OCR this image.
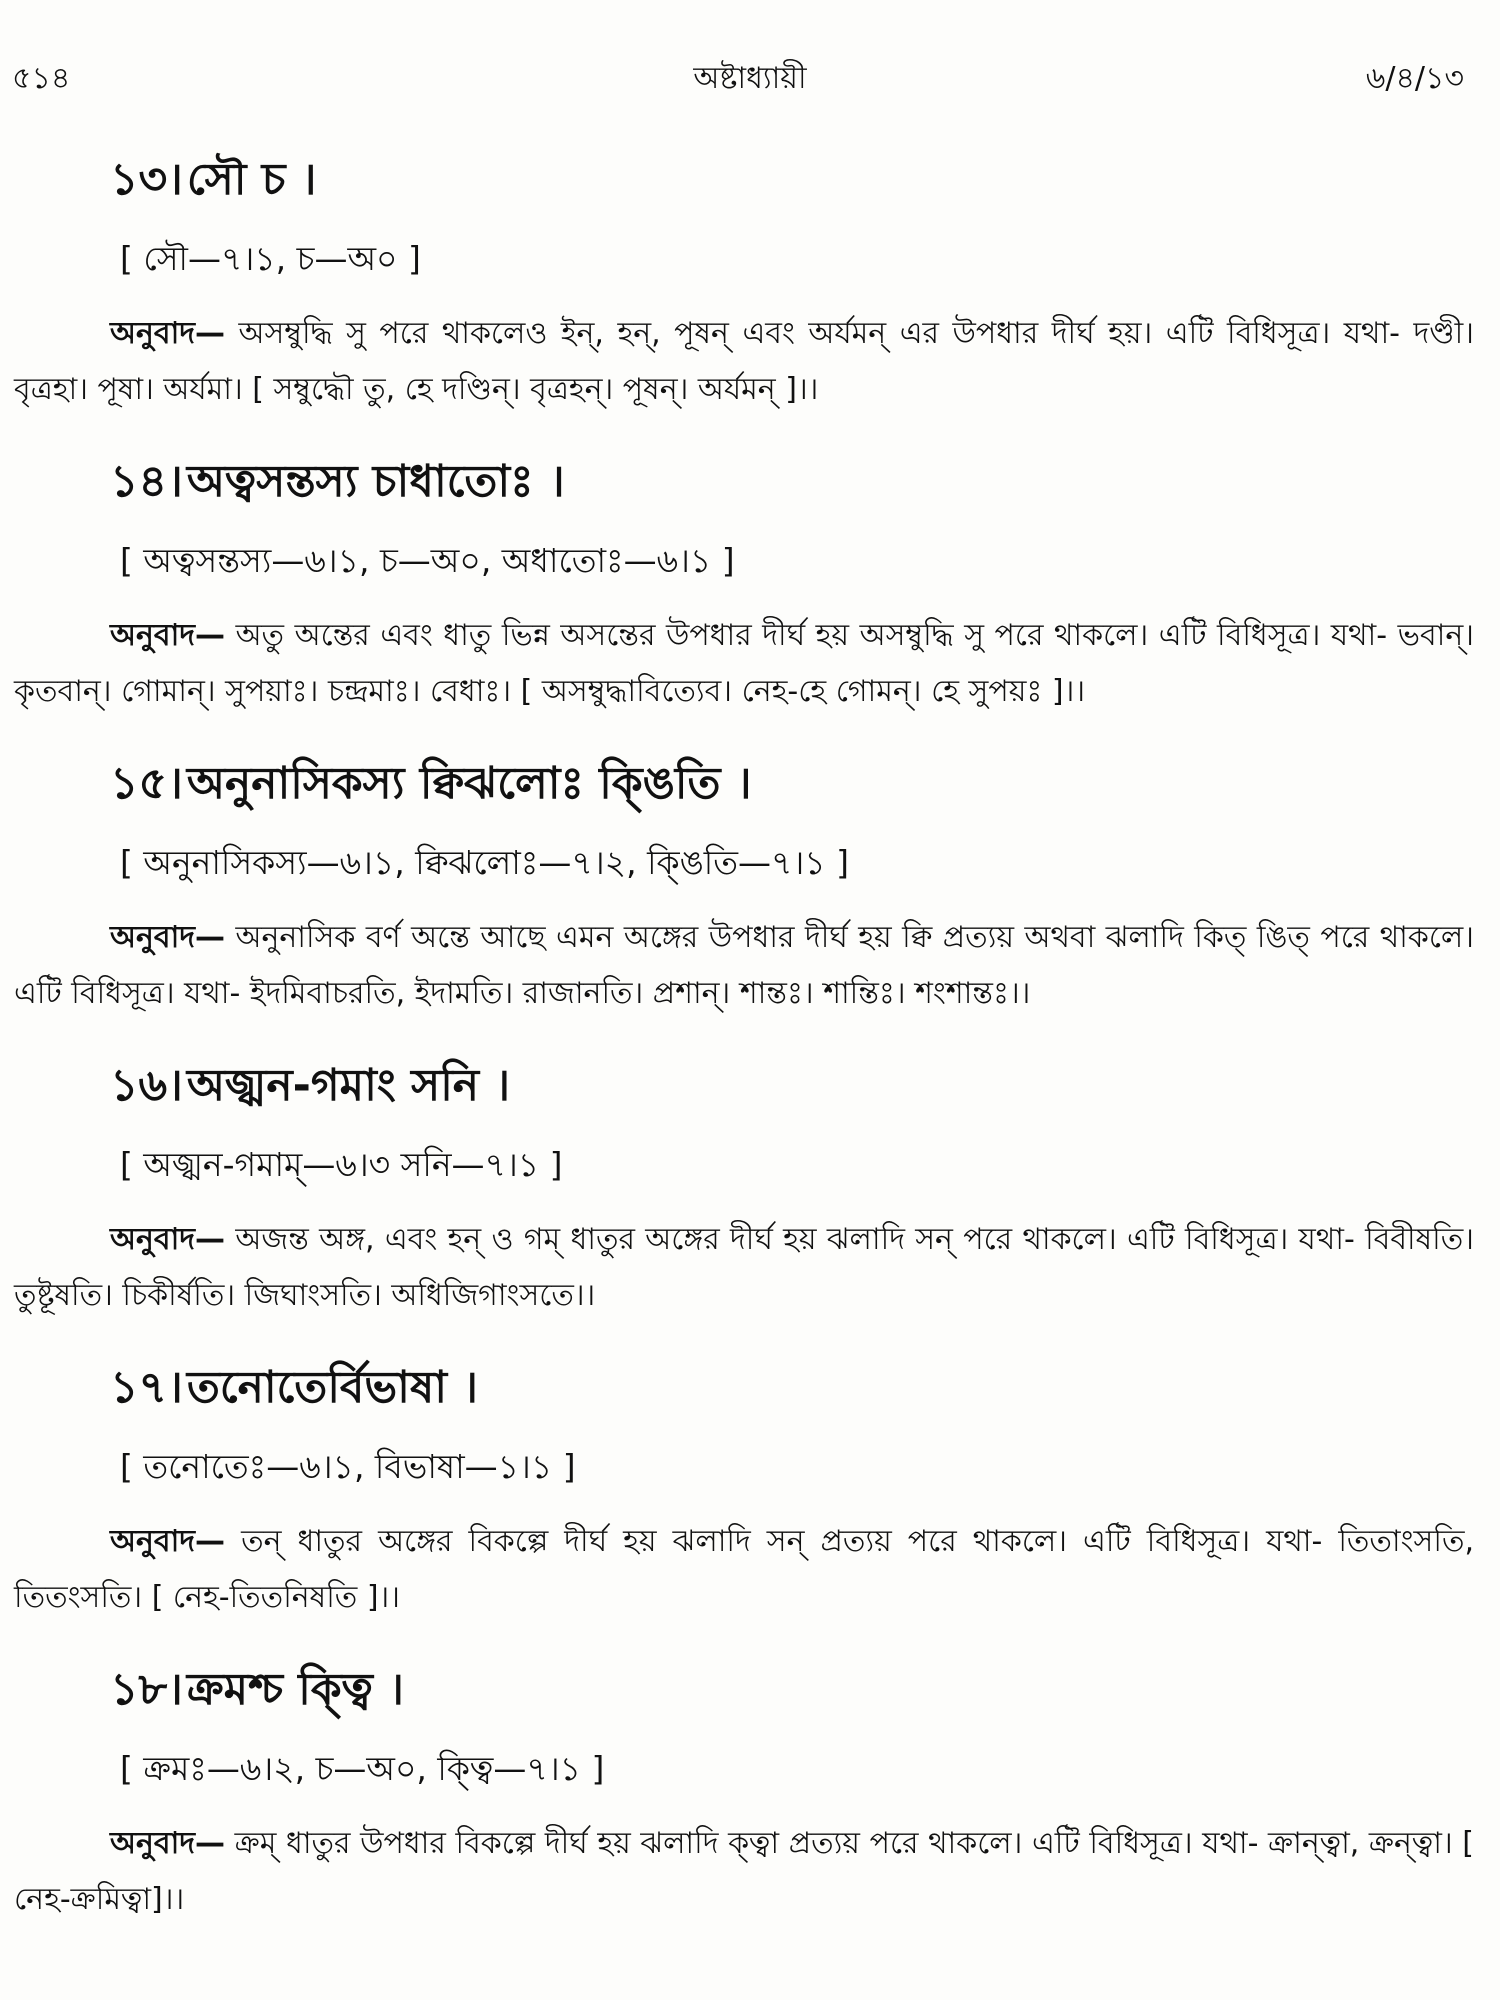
৫১৪	অষ্টাধ্যায়ী	৬/৪/১৩
১৩।সৌ চ ।
[ সৌ—৭।১, চ—অ০ ]
অনুবাদ— অসম্বুদ্ধি সু পরে থাকলেও ইন্, হন্, পূষন্ এবং অর্যমন্ এর উপধার দীর্ঘ হয়। এটি বিধিসূত্র। যথা- দণ্ডী। বৃত্রহা। পূষা। অর্যমা। [ সম্বুদ্ধৌ তু, হে দণ্ডিন্। বৃত্রহন্। পূষন্। অর্যমন্ ]।।
১৪।অত্বসন্তস্য চাধাতোঃ ।
[ অত্বসন্তস্য—৬।১, চ—অ০, অধাতোঃ—৬।১ ]
অনুবাদ— অতু অন্তের এবং ধাতু ভিন্ন অসন্তের উপধার দীর্ঘ হয় অসম্বুদ্ধি সু পরে থাকলে। এটি বিধিসূত্র। যথা- ভবান্। কৃতবান্। গোমান্। সুপয়াঃ। চন্দ্রমাঃ। বেধাঃ। [ অসম্বুদ্ধাবিত্যেব। নেহ-হে গোমন্। হে সুপয়ঃ ]।।
১৫।অনুনাসিকস্য ক্বিঝলোঃ ক্ঙিতি ।
[ অনুনাসিকস্য—৬।১, ক্বিঝলোঃ—৭।২, ক্ঙিতি—৭।১ ]
অনুবাদ— অনুনাসিক বর্ণ অন্তে আছে এমন অঙ্গের উপধার দীর্ঘ হয় ক্বি প্রত্যয় অথবা ঝলাদি কিত্ ঙিত্ পরে থাকলে। এটি বিধিসূত্র। যথা- ইদমিবাচরতি, ইদামতি। রাজানতি। প্রশান্। শান্তঃ। শান্তিঃ। শংশান্তঃ।।
১৬।অজ্ঝন-গমাং সনি ।
[ অজ্ঝন-গমাম্—৬।৩ সনি—৭।১ ]
অনুবাদ— অজন্ত অঙ্গ, এবং হন্ ও গম্ ধাতুর অঙ্গের দীর্ঘ হয় ঝলাদি সন্ পরে থাকলে। এটি বিধিসূত্র। যথা- বিবীষতি। তুষ্টূষতি। চিকীর্ষতি। জিঘাংসতি। অধিজিগাংসতে।।
১৭।তনোতের্বিভাষা ।
[ তনোতেঃ—৬।১, বিভাষা—১।১ ]
অনুবাদ— তন্ ধাতুর অঙ্গের বিকল্পে দীর্ঘ হয় ঝলাদি সন্ প্রত্যয় পরে থাকলে। এটি বিধিসূত্র। যথা- তিতাংসতি, তিতংসতি। [ নেহ-তিতনিষতি ]।।
১৮।ক্রমশ্চ ক্ত্বি ।
[ ক্রমঃ—৬।২, চ—অ০, ক্ত্বি—৭।১ ]
অনুবাদ— ক্রম্ ধাতুর উপধার বিকল্পে দীর্ঘ হয় ঝলাদি ক্ত্বা প্রত্যয় পরে থাকলে। এটি বিধিসূত্র। যথা- ক্রান্ত্বা, ক্রন্ত্বা। [ নেহ-ক্রমিত্বা]।।
